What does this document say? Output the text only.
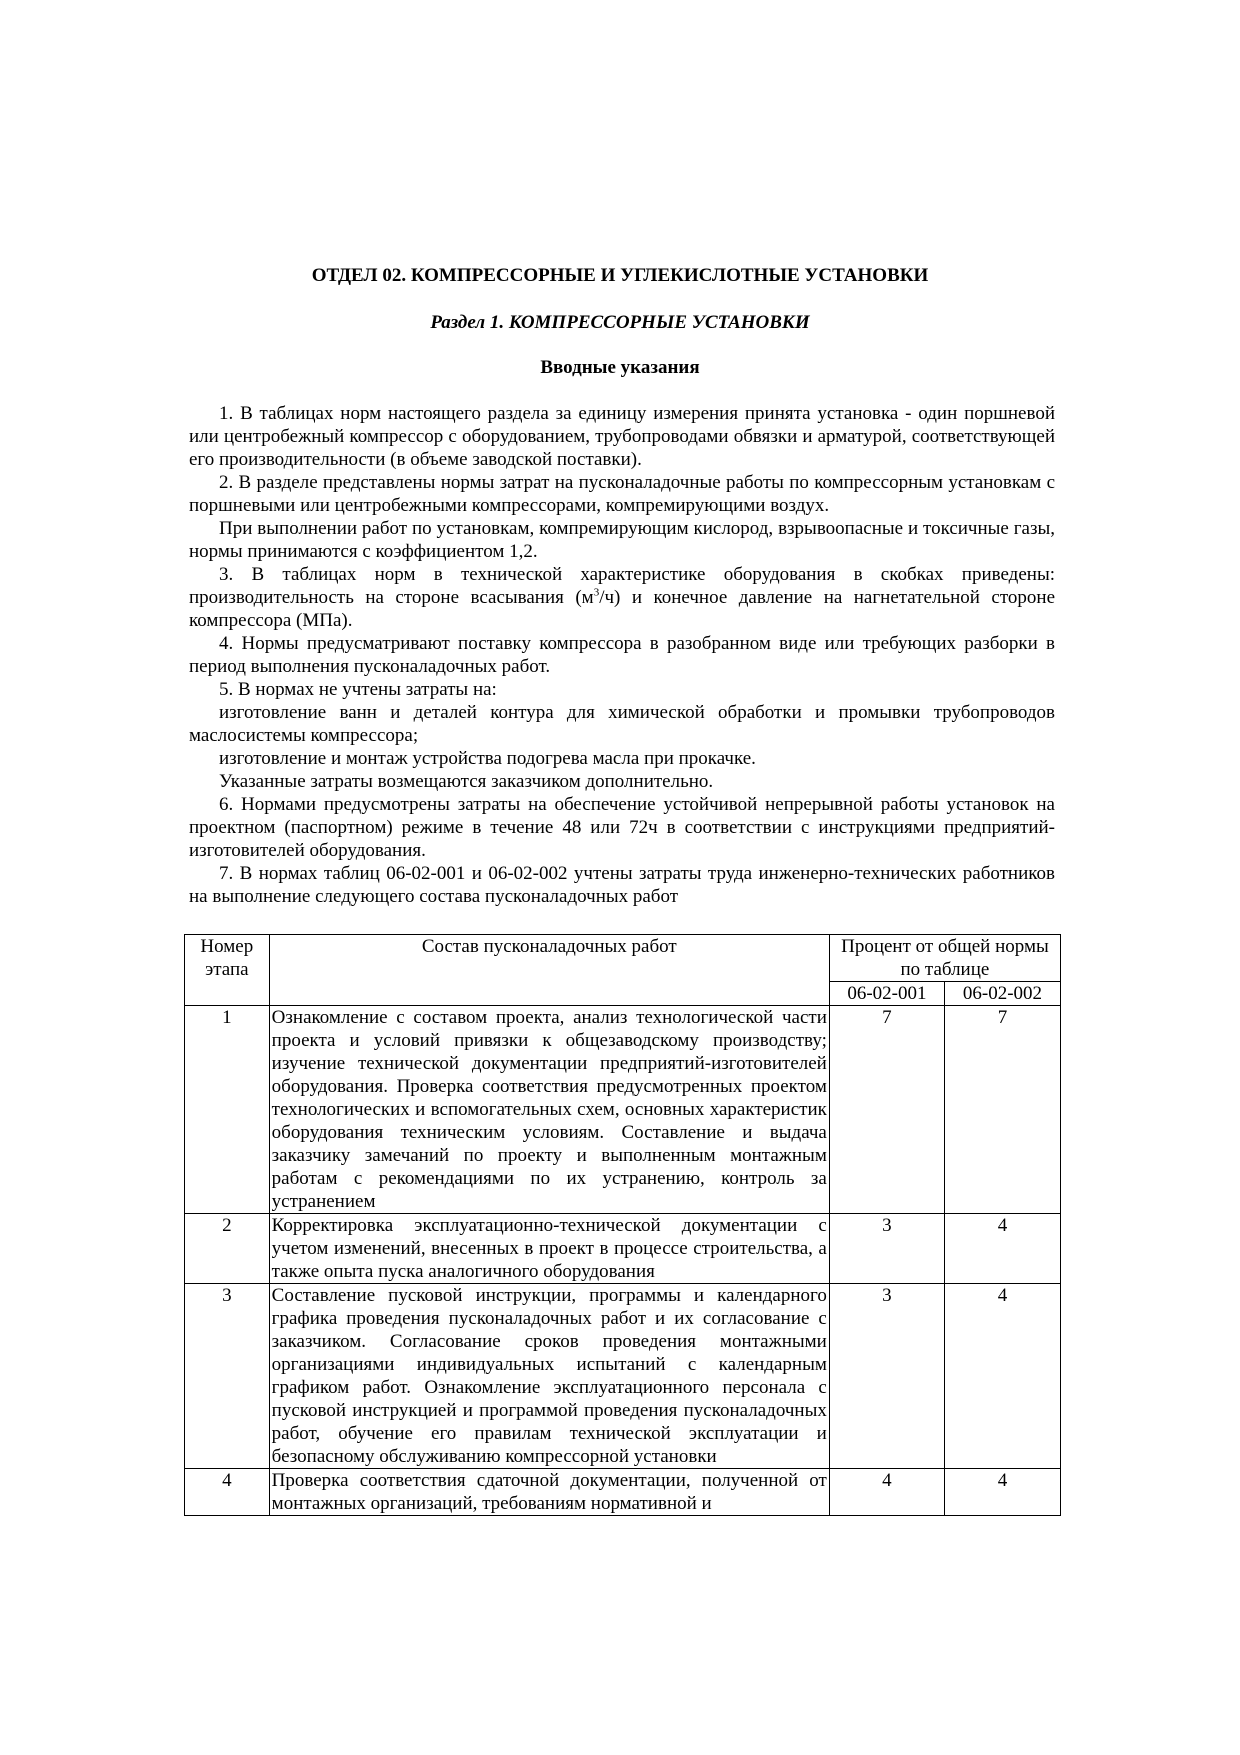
ОТДЕЛ 02. КОМПРЕССОРНЫЕ И УГЛЕКИСЛОТНЫЕ УСТАНОВКИ
Раздел 1. КОМПРЕССОРНЫЕ УСТАНОВКИ
Вводные указания

1. В таблицах норм настоящего раздела за единицу измерения принята установка - один поршневой или центробежный компрессор с оборудованием, трубопроводами обвязки и арматурой, соответствующей его производительности (в объеме заводской поставки).

2. В разделе представлены нормы затрат на пусконаладочные работы по компрессорным установкам с поршневыми или центробежными компрессорами, компремирующими воздух.

При выполнении работ по установкам, компремирующим кислород, взрывоопасные и токсичные газы, нормы принимаются с коэффициентом 1,2.

3. В таблицах норм в технической характеристике оборудования в скобках приведены: производительность на стороне всасывания $(м^3/ч)$ и конечное давление на нагнетательной стороне компрессора (МПа).

4. Нормы предусматривают поставку компрессора в разобранном виде или требующих разборки в период выполнения пусконаладочных работ.

5. В нормах не учтены затраты на:

изготовление ванн и деталей контура для химической обработки и промывки трубопроводов маслосистемы компрессора;

изготовление и монтаж устройства подогрева масла при прокачке.

Указанные затраты возмещаются заказчиком дополнительно.

6. Нормами предусмотрены затраты на обеспечение устойчивой непрерывной работы установок на проектном (паспортном) режиме в течение 48 или 72ч в соответствии с инструкциями предприятий-изготовителей оборудования.

7. В нормах таблиц 06-02-001 и 06-02-002 учтены затраты труда инженерно-технических работников на выполнение следующего состава пусконаладочных работ

Номер этапа	Состав пусконаладочных работ	Процент от общей нормы по таблице	
		06-02-001	06-02-002
1	Ознакомление с составом проекта, анализ технологической части проекта и условий привязки к общезаводскому производству; изучение технической документации предприятий-изготовителей оборудования. Проверка соответствия предусмотренных проектом технологических и вспомогательных схем, основных характеристик оборудования техническим условиям. Составление и выдача заказчику замечаний по проекту и выполненным монтажным работам с рекомендациями по их устранению, контроль за устранением	7	7
2	Корректировка эксплуатационно-технической документации с учетом изменений, внесенных в проект в процессе строительства, а также опыта пуска аналогичного оборудования	3	4
3	Составление пусковой инструкции, программы и календарного графика проведения пусконаладочных работ и их согласование с заказчиком. Согласование сроков проведения монтажными организациями индивидуальных испытаний с календарным графиком работ. Ознакомление эксплуатационного персонала с пусковой инструкцией и программой проведения пусконаладочных работ, обучение его правилам технической эксплуатации и безопасному обслуживанию компрессорной установки	3	4
4	Проверка соответствия сдаточной документации, полученной от монтажных организаций, требованиям нормативной и	4	4
